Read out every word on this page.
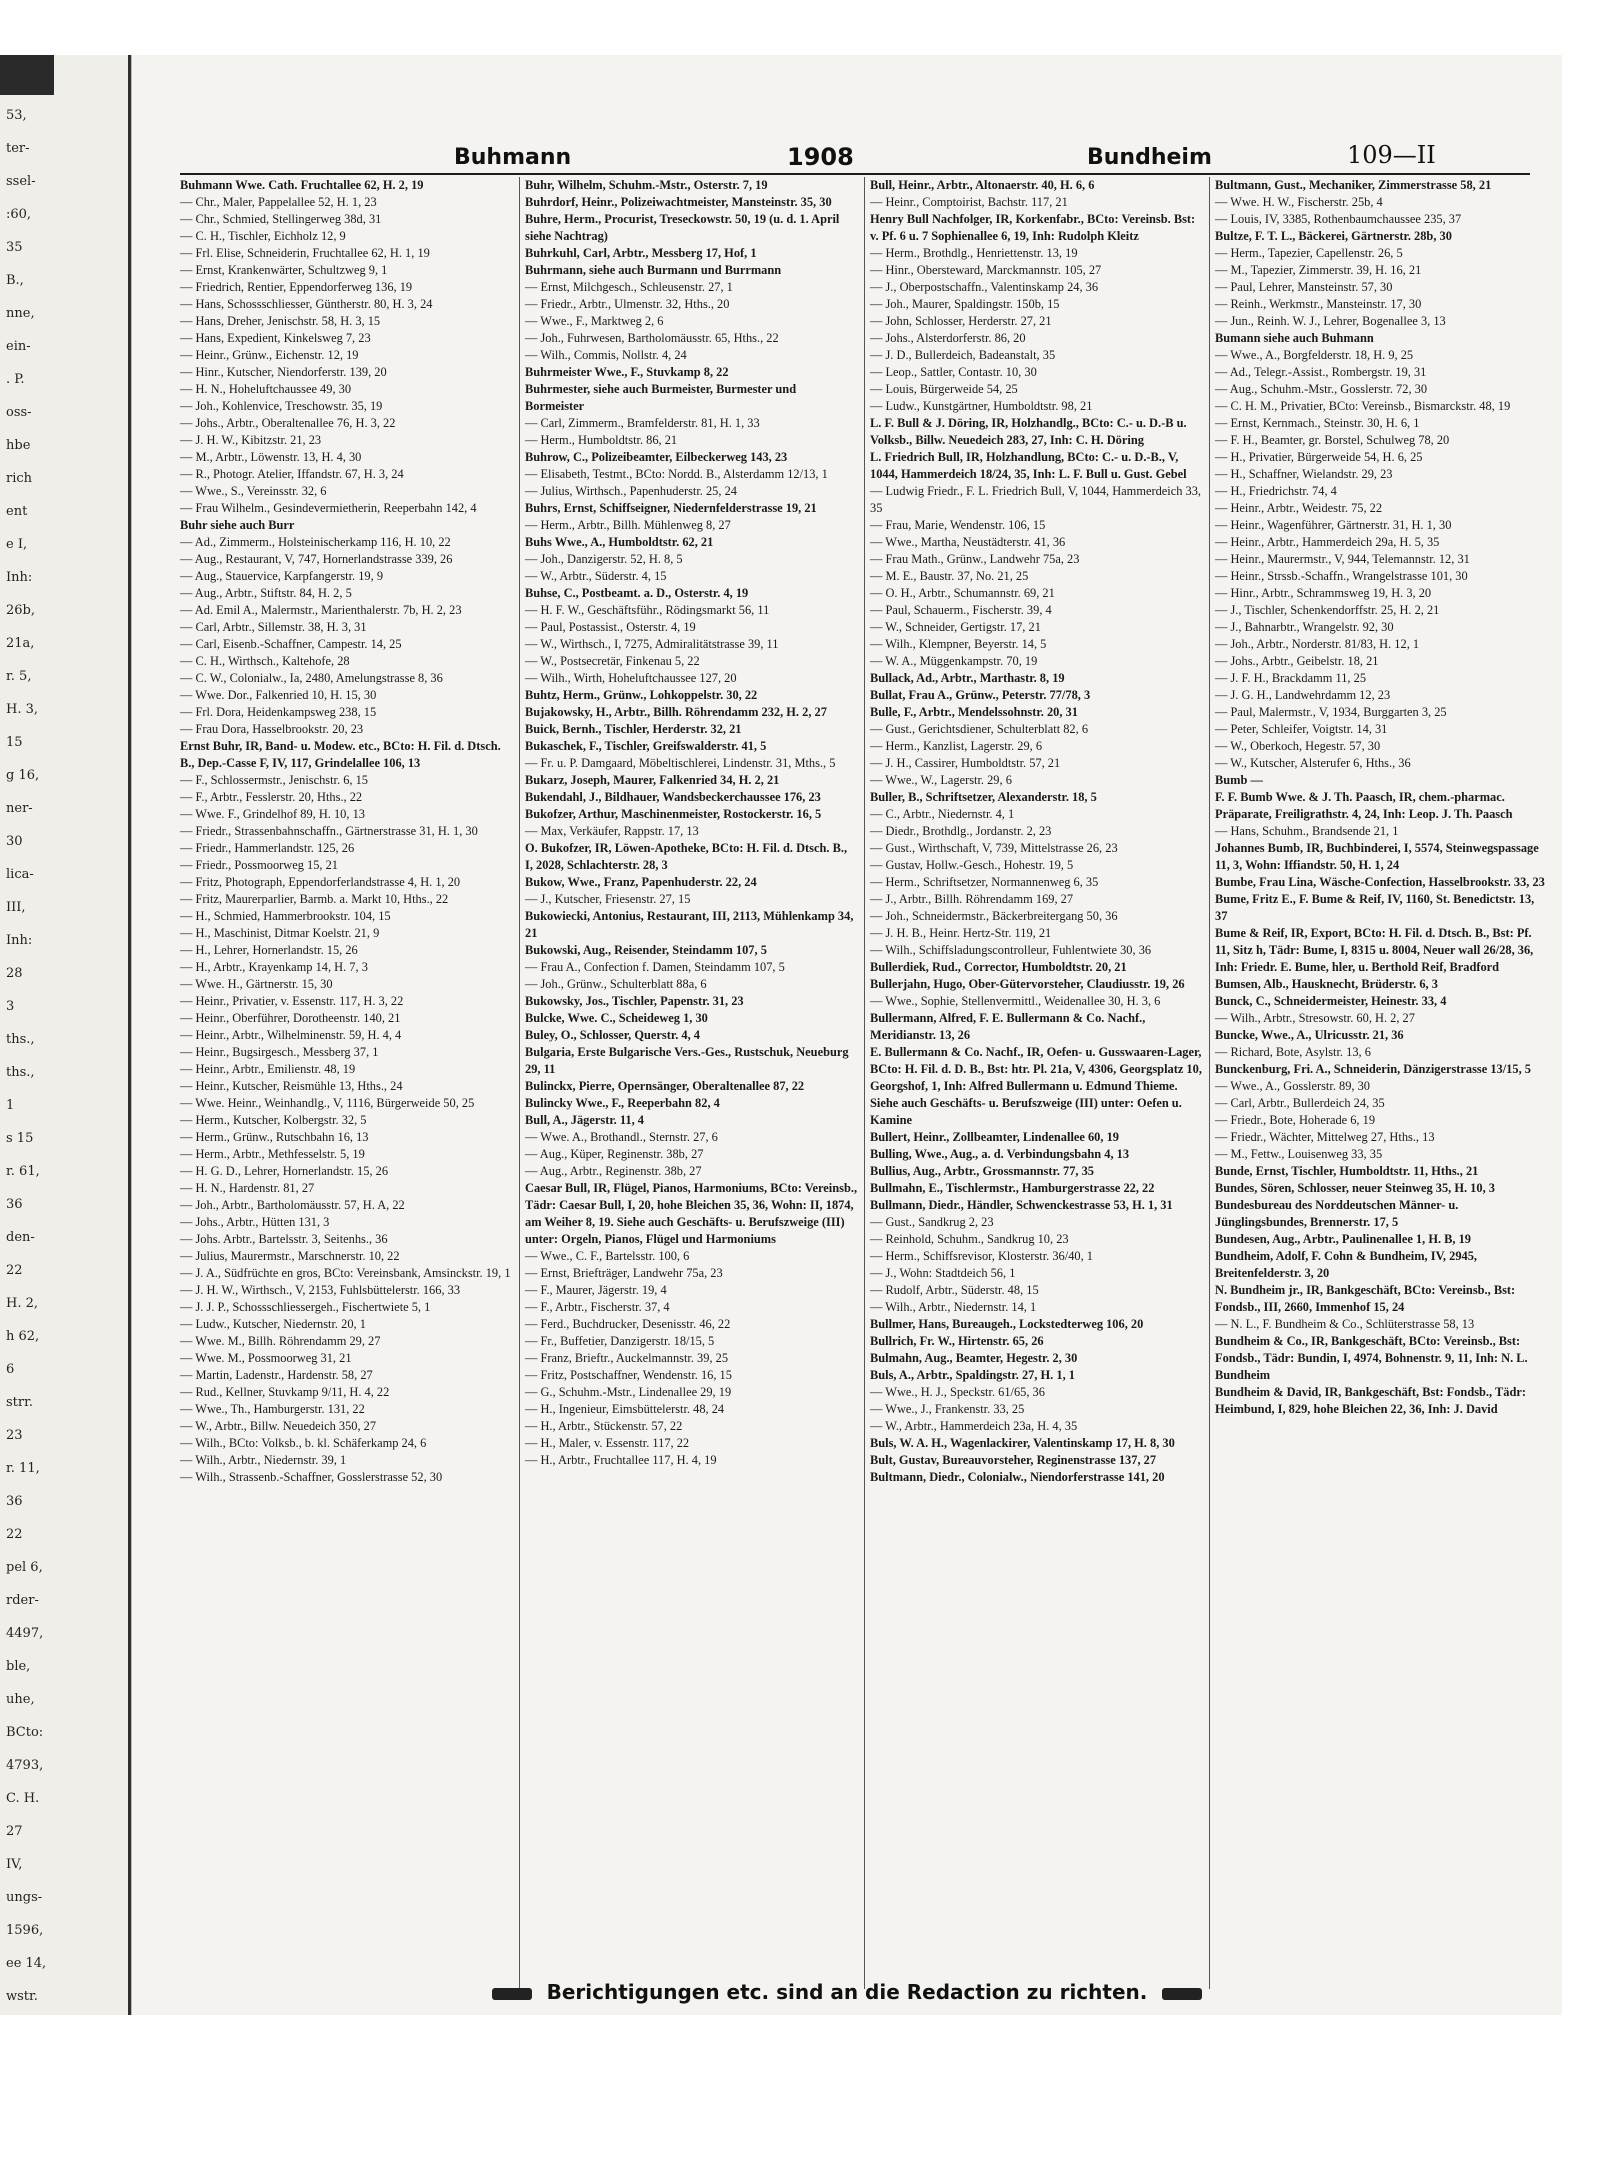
53,
ter-
ssel-
:60,
35
B.,
nne,
ein-
. P.
oss-
hbe
rich
ent
e I,
Inh:
26b,
21a,
r. 5,
H. 3,
15
g 16,
ner-
30
lica-
III,
Inh:
28
3
ths.,
ths.,
1
s 15
r. 61,
36
den-
22
H. 2,
h 62,
6
strr.
23
r. 11,
36
22
pel 6,
rder-
4497,
ble,
uhe,
BCto:
4793,
C. H.
27
IV,
ungs-
1596,
ee 14,
wstr.
Buhmann	1908	Bundheim	109—II
Buhmann Wwe. Cath. Fruchtallee 62, H. 2, 19
— Chr., Maler, Pappelallee 52, H. 1, 23
— Chr., Schmied, Stellingerweg 38d, 31
— C. H., Tischler, Eichholz 12, 9
— Frl. Elise, Schneiderin, Fruchtallee 62, H. 1, 19
— Ernst, Krankenwärter, Schultzweg 9, 1
— Friedrich, Rentier, Eppendorferweg 136, 19
— Hans, Schossschliesser, Güntherstr. 80, H. 3, 24
— Hans, Dreher, Jenischstr. 58, H. 3, 15
— Hans, Expedient, Kinkelsweg 7, 23
— Heinr., Grünw., Eichenstr. 12, 19
— Hinr., Kutscher, Niendorferstr. 139, 20
— H. N., Hoheluftchaussee 49, 30
— Joh., Kohlenvice, Treschowstr. 35, 19
— Johs., Arbtr., Oberaltenallee 76, H. 3, 22
— J. H. W., Kibitzstr. 21, 23
— M., Arbtr., Löwenstr. 13, H. 4, 30
— R., Photogr. Atelier, Iffandstr. 67, H. 3, 24
— Wwe., S., Vereinsstr. 32, 6
— Frau Wilhelm., Gesindevermietherin, Reeperbahn 142, 4
Buhr siehe auch Burr
— Ad., Zimmerm., Holsteinischerkamp 116, H. 10, 22
— Aug., Restaurant, V, 747, Hornerlandstrasse 339, 26
— Aug., Stauervice, Karpfangerstr. 19, 9
— Aug., Arbtr., Stiftstr. 84, H. 2, 5
— Ad. Emil A., Malermstr., Marienthalerstr. 7b, H. 2, 23
— Carl, Arbtr., Sillemstr. 38, H. 3, 31
— Carl, Eisenb.-Schaffner, Campestr. 14, 25
— C. H., Wirthsch., Kaltehofe, 28
— C. W., Colonialw., Ia, 2480, Amelungstrasse 8, 36
— Wwe. Dor., Falkenried 10, H. 15, 30
— Frl. Dora, Heidenkampsweg 238, 15
— Frau Dora, Hasselbrookstr. 20, 23
Ernst Buhr, IR, Band- u. Modew. etc., BCto: H. Fil. d. Dtsch. B., Dep.-Casse F, IV, 117, Grindelallee 106, 13
— F., Schlossermstr., Jenischstr. 6, 15
— F., Arbtr., Fesslerstr. 20, Hths., 22
— Wwe. F., Grindelhof 89, H. 10, 13
— Friedr., Strassenbahnschaffn., Gärtnerstrasse 31, H. 1, 30
— Friedr., Hammerlandstr. 125, 26
— Friedr., Possmoorweg 15, 21
— Fritz, Photograph, Eppendorferlandstrasse 4, H. 1, 20
— Fritz, Maurerparlier, Barmb. a. Markt 10, Hths., 22
— H., Schmied, Hammerbrookstr. 104, 15
— H., Maschinist, Ditmar Koelstr. 21, 9
— H., Lehrer, Hornerlandstr. 15, 26
— H., Arbtr., Krayenkamp 14, H. 7, 3
— Wwe. H., Gärtnerstr. 15, 30
— Heinr., Privatier, v. Essenstr. 117, H. 3, 22
— Heinr., Oberführer, Dorotheenstr. 140, 21
— Heinr., Arbtr., Wilhelminenstr. 59, H. 4, 4
— Heinr., Bugsirgesch., Messberg 37, 1
— Heinr., Arbtr., Emilienstr. 48, 19
— Heinr., Kutscher, Reismühle 13, Hths., 24
— Wwe. Heinr., Weinhandlg., V, 1116, Bürgerweide 50, 25
— Herm., Kutscher, Kolbergstr. 32, 5
— Herm., Grünw., Rutschbahn 16, 13
— Herm., Arbtr., Methfesselstr. 5, 19
— H. G. D., Lehrer, Hornerlandstr. 15, 26
— H. N., Hardenstr. 81, 27
— Joh., Arbtr., Bartholomäusstr. 57, H. A, 22
— Johs., Arbtr., Hütten 131, 3
— Johs. Arbtr., Bartelsstr. 3, Seitenhs., 36
— Julius, Maurermstr., Marschnerstr. 10, 22
— J. A., Südfrüchte en gros, BCto: Vereinsbank, Amsinckstr. 19, 1
— J. H. W., Wirthsch., V, 2153, Fuhlsbüttelerstr. 166, 33
— J. J. P., Schossschliessergeh., Fischertwiete 5, 1
— Ludw., Kutscher, Niedernstr. 20, 1
— Wwe. M., Billh. Röhrendamm 29, 27
— Wwe. M., Possmoorweg 31, 21
— Martin, Ladenstr., Hardenstr. 58, 27
— Rud., Kellner, Stuvkamp 9/11, H. 4, 22
— Wwe., Th., Hamburgerstr. 131, 22
— W., Arbtr., Billw. Neuedeich 350, 27
— Wilh., BCto: Volksb., b. kl. Schäferkamp 24, 6
— Wilh., Arbtr., Niedernstr. 39, 1
— Wilh., Strassenb.-Schaffner, Gosslerstrasse 52, 30
Buhr, Wilhelm, Schuhm.-Mstr., Osterstr. 7, 19
Buhrdorf, Heinr., Polizeiwachtmeister, Mansteinstr. 35, 30
Buhre, Herm., Procurist, Treseckowstr. 50, 19 (u. d. 1. April siehe Nachtrag)
Buhrkuhl, Carl, Arbtr., Messberg 17, Hof, 1
Buhrmann, siehe auch Burmann und Burrmann
— Ernst, Milchgesch., Schleusenstr. 27, 1
— Friedr., Arbtr., Ulmenstr. 32, Hths., 20
— Wwe., F., Marktweg 2, 6
— Joh., Fuhrwesen, Bartholomäusstr. 65, Hths., 22
— Wilh., Commis, Nollstr. 4, 24
Buhrmeister Wwe., F., Stuvkamp 8, 22
Buhrmester, siehe auch Burmeister, Burmester und Bormeister
— Carl, Zimmerm., Bramfelderstr. 81, H. 1, 33
— Herm., Humboldtstr. 86, 21
Buhrow, C., Polizeibeamter, Eilbeckerweg 143, 23
— Elisabeth, Testmt., BCto: Nordd. B., Alsterdamm 12/13, 1
— Julius, Wirthsch., Papenhuderstr. 25, 24
Buhrs, Ernst, Schiffseigner, Niedernfelderstrasse 19, 21
— Herm., Arbtr., Billh. Mühlenweg 8, 27
Buhs Wwe., A., Humboldtstr. 62, 21
— Joh., Danzigerstr. 52, H. 8, 5
— W., Arbtr., Süderstr. 4, 15
Buhse, C., Postbeamt. a. D., Osterstr. 4, 19
— H. F. W., Geschäftsführ., Rödingsmarkt 56, 11
— Paul, Postassist., Osterstr. 4, 19
— W., Wirthsch., I, 7275, Admiralitätstrasse 39, 11
— W., Postsecretär, Finkenau 5, 22
— Wilh., Wirth, Hoheluftchaussee 127, 20
Buhtz, Herm., Grünw., Lohkoppelstr. 30, 22
Bujakowsky, H., Arbtr., Billh. Röhrendamm 232, H. 2, 27
Buick, Bernh., Tischler, Herderstr. 32, 21
Bukaschek, F., Tischler, Greifswalderstr. 41, 5
— Fr. u. P. Damgaard, Möbeltischlerei, Lindenstr. 31, Mths., 5
Bukarz, Joseph, Maurer, Falkenried 34, H. 2, 21
Bukendahl, J., Bildhauer, Wandsbeckerchaussee 176, 23
Bukofzer, Arthur, Maschinenmeister, Rostockerstr. 16, 5
— Max, Verkäufer, Rappstr. 17, 13
O. Bukofzer, IR, Löwen-Apotheke, BCto: H. Fil. d. Dtsch. B., I, 2028, Schlachterstr. 28, 3
Bukow, Wwe., Franz, Papenhuderstr. 22, 24
— J., Kutscher, Friesenstr. 27, 15
Bukowiecki, Antonius, Restaurant, III, 2113, Mühlenkamp 34, 21
Bukowski, Aug., Reisender, Steindamm 107, 5
— Frau A., Confection f. Damen, Steindamm 107, 5
— Joh., Grünw., Schulterblatt 88a, 6
Bukowsky, Jos., Tischler, Papenstr. 31, 23
Bulcke, Wwe. C., Scheideweg 1, 30
Buley, O., Schlosser, Querstr. 4, 4
Bulgaria, Erste Bulgarische Vers.-Ges., Rustschuk, Neueburg 29, 11
Bulinckx, Pierre, Opernsänger, Oberaltenallee 87, 22
Bulincky Wwe., F., Reeperbahn 82, 4
Bull, A., Jägerstr. 11, 4
— Wwe. A., Brothandl., Sternstr. 27, 6
— Aug., Küper, Reginenstr. 38b, 27
— Aug., Arbtr., Reginenstr. 38b, 27
Caesar Bull, IR, Flügel, Pianos, Harmoniums, BCto: Vereinsb., Tädr: Caesar Bull, I, 20, hohe Bleichen 35, 36, Wohn: II, 1874, am Weiher 8, 19. Siehe auch Geschäfts- u. Berufszweige (III) unter: Orgeln, Pianos, Flügel und Harmoniums
— Wwe., C. F., Bartelsstr. 100, 6
— Ernst, Briefträger, Landwehr 75a, 23
— F., Maurer, Jägerstr. 19, 4
— F., Arbtr., Fischerstr. 37, 4
— Ferd., Buchdrucker, Desenisstr. 46, 22
— Fr., Buffetier, Danzigerstr. 18/15, 5
— Franz, Brieftr., Auckelmannstr. 39, 25
— Fritz, Postschaffner, Wendenstr. 16, 15
— G., Schuhm.-Mstr., Lindenallee 29, 19
— H., Ingenieur, Eimsbüttelerstr. 48, 24
— H., Arbtr., Stückenstr. 57, 22
— H., Maler, v. Essenstr. 117, 22
— H., Arbtr., Fruchtallee 117, H. 4, 19
Bull, Heinr., Arbtr., Altonaerstr. 40, H. 6, 6
— Heinr., Comptoirist, Bachstr. 117, 21
Henry Bull Nachfolger, IR, Korkenfabr., BCto: Vereinsb. Bst: v. Pf. 6 u. 7 Sophienallee 6, 19, Inh: Rudolph Kleitz
— Herm., Brothdlg., Henriettenstr. 13, 19
— Hinr., Obersteward, Marckmannstr. 105, 27
— J., Oberpostschaffn., Valentinskamp 24, 36
— Joh., Maurer, Spaldingstr. 150b, 15
— John, Schlosser, Herderstr. 27, 21
— Johs., Alsterdorferstr. 86, 20
— J. D., Bullerdeich, Badeanstalt, 35
— Leop., Sattler, Contastr. 10, 30
— Louis, Bürgerweide 54, 25
— Ludw., Kunstgärtner, Humboldtstr. 98, 21
L. F. Bull & J. Döring, IR, Holzhandlg., BCto: C.- u. D.-B u. Volksb., Billw. Neuedeich 283, 27, Inh: C. H. Döring
L. Friedrich Bull, IR, Holzhandlung, BCto: C.- u. D.-B., V, 1044, Hammerdeich 18/24, 35, Inh: L. F. Bull u. Gust. Gebel
— Ludwig Friedr., F. L. Friedrich Bull, V, 1044, Hammerdeich 33, 35
— Frau, Marie, Wendenstr. 106, 15
— Wwe., Martha, Neustädterstr. 41, 36
— Frau Math., Grünw., Landwehr 75a, 23
— M. E., Baustr. 37, No. 21, 25
— O. H., Arbtr., Schumannstr. 69, 21
— Paul, Schauerm., Fischerstr. 39, 4
— W., Schneider, Gertigstr. 17, 21
— Wilh., Klempner, Beyerstr. 14, 5
— W. A., Müggenkampstr. 70, 19
Bullack, Ad., Arbtr., Marthastr. 8, 19
Bullat, Frau A., Grünw., Peterstr. 77/78, 3
Bulle, F., Arbtr., Mendelssohnstr. 20, 31
— Gust., Gerichtsdiener, Schulterblatt 82, 6
— Herm., Kanzlist, Lagerstr. 29, 6
— J. H., Cassirer, Humboldtstr. 57, 21
— Wwe., W., Lagerstr. 29, 6
Buller, B., Schriftsetzer, Alexanderstr. 18, 5
— C., Arbtr., Niedernstr. 4, 1
— Diedr., Brothdlg., Jordanstr. 2, 23
— Gust., Wirthschaft, V, 739, Mittelstrasse 26, 23
— Gustav, Hollw.-Gesch., Hohestr. 19, 5
— Herm., Schriftsetzer, Normannenweg 6, 35
— J., Arbtr., Billh. Röhrendamm 169, 27
— Joh., Schneidermstr., Bäckerbreitergang 50, 36
— J. H. B., Heinr. Hertz-Str. 119, 21
— Wilh., Schiffsladungscontrolleur, Fuhlentwiete 30, 36
Bullerdiek, Rud., Corrector, Humboldtstr. 20, 21
Bullerjahn, Hugo, Ober-Gütervorsteher, Claudiusstr. 19, 26
— Wwe., Sophie, Stellenvermittl., Weidenallee 30, H. 3, 6
Bullermann, Alfred, F. E. Bullermann & Co. Nachf., Meridianstr. 13, 26
E. Bullermann & Co. Nachf., IR, Oefen- u. Gusswaaren-Lager, BCto: H. Fil. d. D. B., Bst: htr. Pl. 21a, V, 4306, Georgsplatz 10, Georgshof, 1, Inh: Alfred Bullermann u. Edmund Thieme. Siehe auch Geschäfts- u. Berufszweige (III) unter: Oefen u. Kamine
Bullert, Heinr., Zollbeamter, Lindenallee 60, 19
Bulling, Wwe., Aug., a. d. Verbindungsbahn 4, 13
Bullius, Aug., Arbtr., Grossmannstr. 77, 35
Bullmahn, E., Tischlermstr., Hamburgerstrasse 22, 22
Bullmann, Diedr., Händler, Schwenckestrasse 53, H. 1, 31
— Gust., Sandkrug 2, 23
— Reinhold, Schuhm., Sandkrug 10, 23
— Herm., Schiffsrevisor, Klosterstr. 36/40, 1
— J., Wohn: Stadtdeich 56, 1
— Rudolf, Arbtr., Süderstr. 48, 15
— Wilh., Arbtr., Niedernstr. 14, 1
Bullmer, Hans, Bureaugeh., Lockstedterweg 106, 20
Bullrich, Fr. W., Hirtenstr. 65, 26
Bulmahn, Aug., Beamter, Hegestr. 2, 30
Buls, A., Arbtr., Spaldingstr. 27, H. 1, 1
— Wwe., H. J., Speckstr. 61/65, 36
— Wwe., J., Frankenstr. 33, 25
— W., Arbtr., Hammerdeich 23a, H. 4, 35
Buls, W. A. H., Wagenlackirer, Valentinskamp 17, H. 8, 30
Bult, Gustav, Bureauvorsteher, Reginenstrasse 137, 27
Bultmann, Diedr., Colonialw., Niendorferstrasse 141, 20
Bultmann, Gust., Mechaniker, Zimmerstrasse 58, 21
— Wwe. H. W., Fischerstr. 25b, 4
— Louis, IV, 3385, Rothenbaumchaussee 235, 37
Bultze, F. T. L., Bäckerei, Gärtnerstr. 28b, 30
— Herm., Tapezier, Capellenstr. 26, 5
— M., Tapezier, Zimmerstr. 39, H. 16, 21
— Paul, Lehrer, Mansteinstr. 57, 30
— Reinh., Werkmstr., Mansteinstr. 17, 30
— Jun., Reinh. W. J., Lehrer, Bogenallee 3, 13
Bumann siehe auch Buhmann
— Wwe., A., Borgfelderstr. 18, H. 9, 25
— Ad., Telegr.-Assist., Rombergstr. 19, 31
— Aug., Schuhm.-Mstr., Gosslerstr. 72, 30
— C. H. M., Privatier, BCto: Vereinsb., Bismarckstr. 48, 19
— Ernst, Kernmach., Steinstr. 30, H. 6, 1
— F. H., Beamter, gr. Borstel, Schulweg 78, 20
— H., Privatier, Bürgerweide 54, H. 6, 25
— H., Schaffner, Wielandstr. 29, 23
— H., Friedrichstr. 74, 4
— Heinr., Arbtr., Weidestr. 75, 22
— Heinr., Wagenführer, Gärtnerstr. 31, H. 1, 30
— Heinr., Arbtr., Hammerdeich 29a, H. 5, 35
— Heinr., Maurermstr., V, 944, Telemannstr. 12, 31
— Heinr., Strssb.-Schaffn., Wrangelstrasse 101, 30
— Hinr., Arbtr., Schrammsweg 19, H. 3, 20
— J., Tischler, Schenkendorffstr. 25, H. 2, 21
— J., Bahnarbtr., Wrangelstr. 92, 30
— Joh., Arbtr., Norderstr. 81/83, H. 12, 1
— Johs., Arbtr., Geibelstr. 18, 21
— J. F. H., Brackdamm 11, 25
— J. G. H., Landwehrdamm 12, 23
— Paul, Malermstr., V, 1934, Burggarten 3, 25
— Peter, Schleifer, Voigtstr. 14, 31
— W., Oberkoch, Hegestr. 57, 30
— W., Kutscher, Alsterufer 6, Hths., 36
Bumb —
F. F. Bumb Wwe. & J. Th. Paasch, IR, chem.-pharmac. Präparate, Freiligrathstr. 4, 24, Inh: Leop. J. Th. Paasch
— Hans, Schuhm., Brandsende 21, 1
Johannes Bumb, IR, Buchbinderei, I, 5574, Steinwegspassage 11, 3, Wohn: Iffiandstr. 50, H. 1, 24
Bumbe, Frau Lina, Wäsche-Confection, Hasselbrookstr. 33, 23
Bume, Fritz E., F. Bume & Reif, IV, 1160, St. Benedictstr. 13, 37
Bume & Reif, IR, Export, BCto: H. Fil. d. Dtsch. B., Bst: Pf. 11, Sitz h, Tädr: Bume, I, 8315 u. 8004, Neuer wall 26/28, 36, Inh: Friedr. E. Bume, hler, u. Berthold Reif, Bradford
Bumsen, Alb., Hausknecht, Brüderstr. 6, 3
Bunck, C., Schneidermeister, Heinestr. 33, 4
— Wilh., Arbtr., Stresowstr. 60, H. 2, 27
Buncke, Wwe., A., Ulricusstr. 21, 36
— Richard, Bote, Asylstr. 13, 6
Bunckenburg, Fri. A., Schneiderin, Dänzigerstrasse 13/15, 5
— Wwe., A., Gosslerstr. 89, 30
— Carl, Arbtr., Bullerdeich 24, 35
— Friedr., Bote, Hoherade 6, 19
— Friedr., Wächter, Mittelweg 27, Hths., 13
— M., Fettw., Louisenweg 33, 35
Bunde, Ernst, Tischler, Humboldtstr. 11, Hths., 21
Bundes, Sören, Schlosser, neuer Steinweg 35, H. 10, 3
Bundesbureau des Norddeutschen Männer- u. Jünglingsbundes, Brennerstr. 17, 5
Bundesen, Aug., Arbtr., Paulinenallee 1, H. B, 19
Bundheim, Adolf, F. Cohn & Bundheim, IV, 2945, Breitenfelderstr. 3, 20
N. Bundheim jr., IR, Bankgeschäft, BCto: Vereinsb., Bst: Fondsb., III, 2660, Immenhof 15, 24
— N. L., F. Bundheim & Co., Schlüterstrasse 58, 13
Bundheim & Co., IR, Bankgeschäft, BCto: Vereinsb., Bst: Fondsb., Tädr: Bundin, I, 4974, Bohnenstr. 9, 11, Inh: N. L. Bundheim
Bundheim & David, IR, Bankgeschäft, Bst: Fondsb., Tädr: Heimbund, I, 829, hohe Bleichen 22, 36, Inh: J. David
Berichtigungen etc. sind an die Redaction zu richten.
